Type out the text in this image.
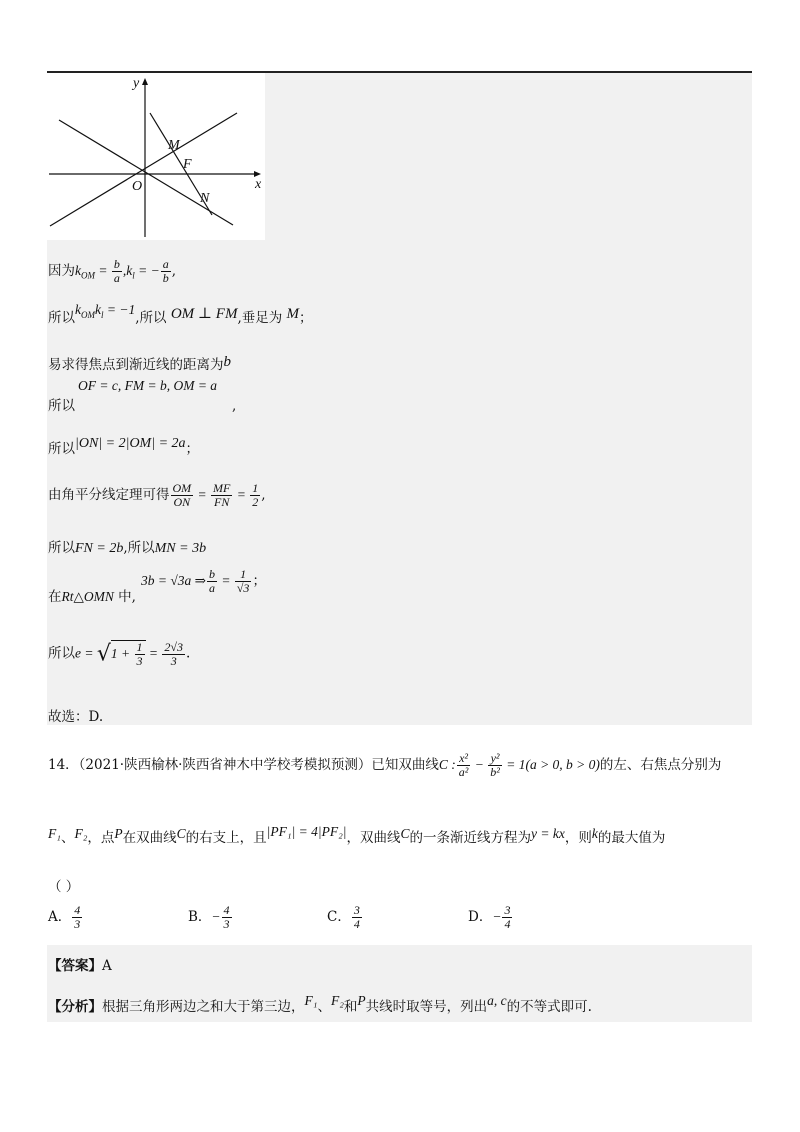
y
x
M
F
O
N
因为$k_{OM} = \frac{b}{a} ,k_l$ = − $\frac{a}{b}$ ,
所以$k_{OM}k_l = -1$,所以 OM ⊥ FM,垂足为 M；
易求得焦点到渐近线的距离为b
OF = c, FM = b, OM = a
所以	,
所以|ON| = 2|OM| = 2a；
由角平分线定理可得 $\frac{OM}{ON} = \frac{MF}{FN} = \frac{1}{2}$ ,
所以FN = 2b,所以MN = 3b
3b = √3a ⇒ $\frac{b}{a} = \frac{1}{√3}$ ；
在Rt△OMN 中,
所以$e = √1 + \frac{1}{3} = \frac{2√3}{3}$ .
故选：D.
14．（2021·陕西榆林·陕西省神木中学校考模拟预测）已知双曲线C : $\frac{\text{x²}}{\text{a²}} - \frac{\text{y²}}{\text{b²}} = 1(a > 0$, b > 0)的左、右焦点分别为
F₁、F₂，点P在双曲线C的右支上，且|PF₁| = 4|PF₂|，双曲线C的一条渐近线方程为y = kx，则k的最大值为
（ ）
A． $\frac{4}{3}$	B．− $\frac{4}{3}$	C． $\frac{3}{4}$	D．− $\frac{3}{4}$
【答案】A
【分析】根据三角形两边之和大于第三边，F₁、F₂和P共线时取等号，列出a, c的不等式即可.
